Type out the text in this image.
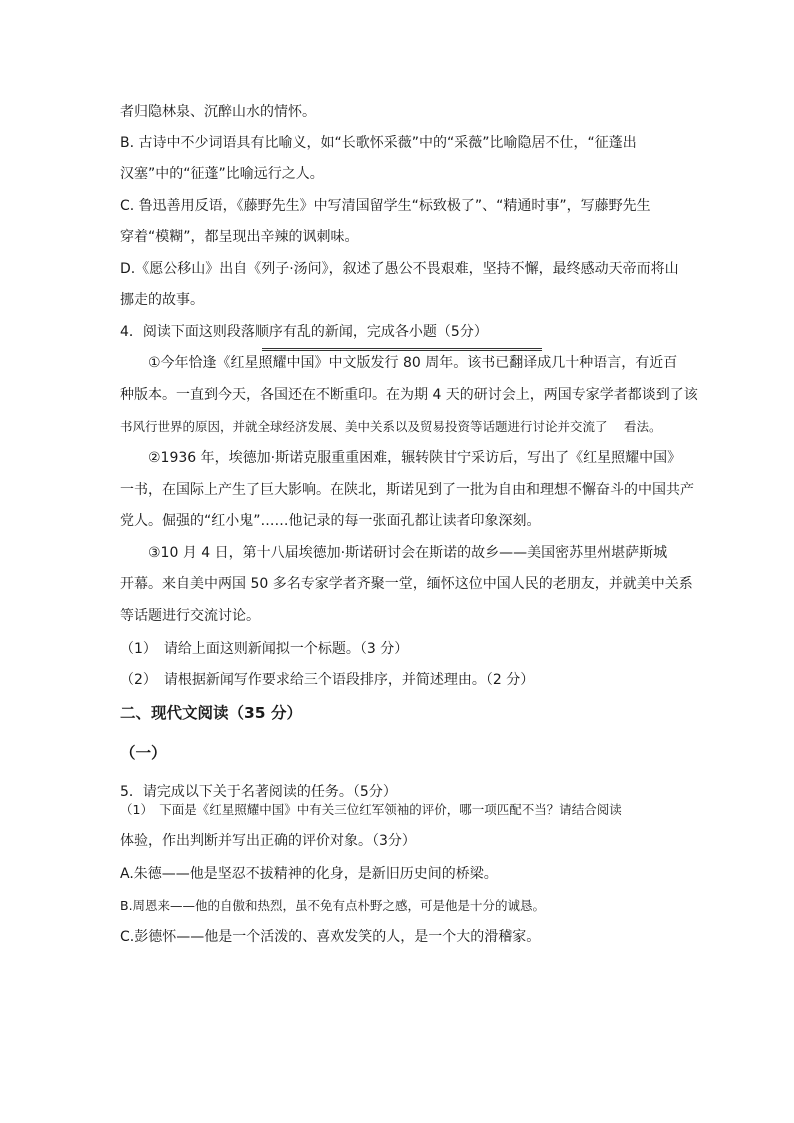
者归隐林泉、沉醉山水的情怀。
B. 古诗中不少词语具有比喻义，如“长歌怀采薇”中的“采薇”比喻隐居不仕，“征蓬出
汉塞”中的“征蓬”比喻远行之人。
C. 鲁迅善用反语，《藤野先生》中写清国留学生“标致极了”、“精通时事”，写藤野先生
穿着“模糊”，都呈现出辛辣的讽刺味。
D.《愿公移山》出自《列子·汤问》，叙述了愚公不畏艰难，坚持不懈，最终感动天帝而将山
挪走的故事。
4．阅读下面这则段落顺序有乱的新闻，完成各小题（5分）
①今年恰逢《红星照耀中国》中文版发行 80 周年。该书已翻译成几十种语言，有近百
种版本。一直到今天，各国还在不断重印。在为期 4 天的研讨会上，两国专家学者都谈到了该
书风行世界的原因，并就全球经济发展、美中关系以及贸易投资等话题进行讨论并交流了　 看法。
②1936 年，埃德加·斯诺克服重重困难，辗转陕甘宁采访后，写出了《红星照耀中国》
一书，在国际上产生了巨大影响。在陕北，斯诺见到了一批为自由和理想不懈奋斗的中国共产
党人。倔强的“红小鬼”……他记录的每一张面孔都让读者印象深刻。
③10 月 4 日，第十八届埃德加·斯诺研讨会在斯诺的故乡——美国密苏里州堪萨斯城
开幕。来自美中两国 50 多名专家学者齐聚一堂，缅怀这位中国人民的老朋友，并就美中关系
等话题进行交流讨论。
（1）　请给上面这则新闻拟一个标题。（3 分）
（2）　请根据新闻写作要求给三个语段排序，并简述理由。（2 分）
二、现代文阅读（35 分）
（一）
5．请完成以下关于名著阅读的任务。（5分）
（1）　下面是《红星照耀中国》中有关三位红军领袖的评价，哪一项匹配不当？请结合阅读
体验，作出判断并写出正确的评价对象。（3分）
A.朱德——他是坚忍不拔精神的化身，是新旧历史间的桥梁。
B.周恩来——他的自傲和热烈，虽不免有点朴野之感，可是他是十分的诚恳。
C.彭德怀——他是一个活泼的、喜欢发笑的人，是一个大的滑稽家。
